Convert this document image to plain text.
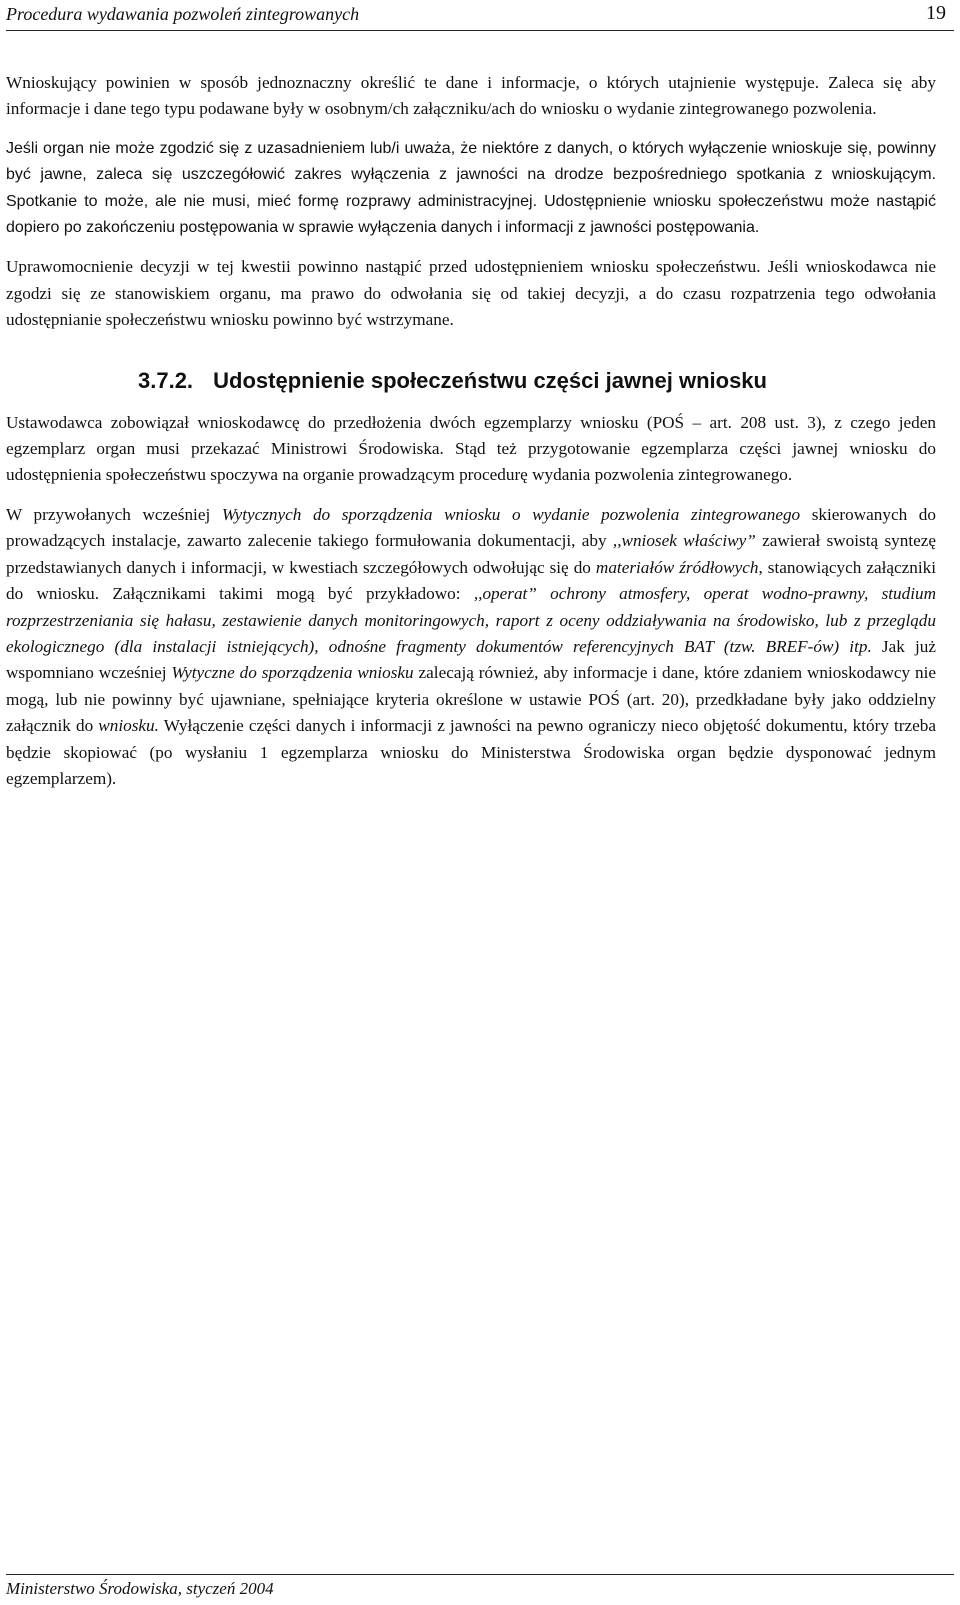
Procedura wydawania pozwoleń zintegrowanych	19

Wnioskujący powinien w sposób jednoznaczny określić te dane i informacje, o których utajnienie występuje. Zaleca się aby informacje i dane tego typu podawane były w osobnym/ch załączniku/ach do wniosku o wydanie zintegrowanego pozwolenia.

Jeśli organ nie może zgodzić się z uzasadnieniem lub/i uważa, że niektóre z danych, o których wyłączenie wnioskuje się, powinny być jawne, zaleca się uszczegółowić zakres wyłączenia z jawności na drodze bezpośredniego spotkania z wnioskującym. Spotkanie to może, ale nie musi, mieć formę rozprawy administracyjnej. Udostępnienie wniosku społeczeństwu może nastąpić dopiero po zakończeniu postępowania w sprawie wyłączenia danych i informacji z jawności postępowania.

Uprawomocnienie decyzji w tej kwestii powinno nastąpić przed udostępnieniem wniosku społeczeństwu. Jeśli wnioskodawca nie zgodzi się ze stanowiskiem organu, ma prawo do odwołania się od takiej decyzji, a do czasu rozpatrzenia tego odwołania udostępnianie społeczeństwu wniosku powinno być wstrzymane.

3.7.2. Udostępnienie społeczeństwu części jawnej wniosku

Ustawodawca zobowiązał wnioskodawcę do przedłożenia dwóch egzemplarzy wniosku (POŚ – art. 208 ust. 3), z czego jeden egzemplarz organ musi przekazać Ministrowi Środowiska. Stąd też przygotowanie egzemplarza części jawnej wniosku do udostępnienia społeczeństwu spoczywa na organie prowadzącym procedurę wydania pozwolenia zintegrowanego.

W przywołanych wcześniej Wytycznych do sporządzenia wniosku o wydanie pozwolenia zintegrowanego skierowanych do prowadzących instalacje, zawarto zalecenie takiego formułowania dokumentacji, aby ,,wniosek właściwy” zawierał swoistą syntezę przedstawianych danych i informacji, w kwestiach szczegółowych odwołując się do materiałów źródłowych, stanowiących załączniki do wniosku. Załącznikami takimi mogą być przykładowo: ,,operat” ochrony atmosfery, operat wodno-prawny, studium rozprzestrzeniania się hałasu, zestawienie danych monitoringowych, raport z oceny oddziaływania na środowisko, lub z przeglądu ekologicznego (dla instalacji istniejących), odnośne fragmenty dokumentów referencyjnych BAT (tzw. BREF-ów) itp. Jak już wspomniano wcześniej Wytyczne do sporządzenia wniosku zalecają również, aby informacje i dane, które zdaniem wnioskodawcy nie mogą, lub nie powinny być ujawniane, spełniające kryteria określone w ustawie POŚ (art. 20), przedkładane były jako oddzielny załącznik do wniosku. Wyłączenie części danych i informacji z jawności na pewno ograniczy nieco objętość dokumentu, który trzeba będzie skopiować (po wysłaniu 1 egzemplarza wniosku do Ministerstwa Środowiska organ będzie dysponować jednym egzemplarzem).

Ministerstwo Środowiska, styczeń 2004
